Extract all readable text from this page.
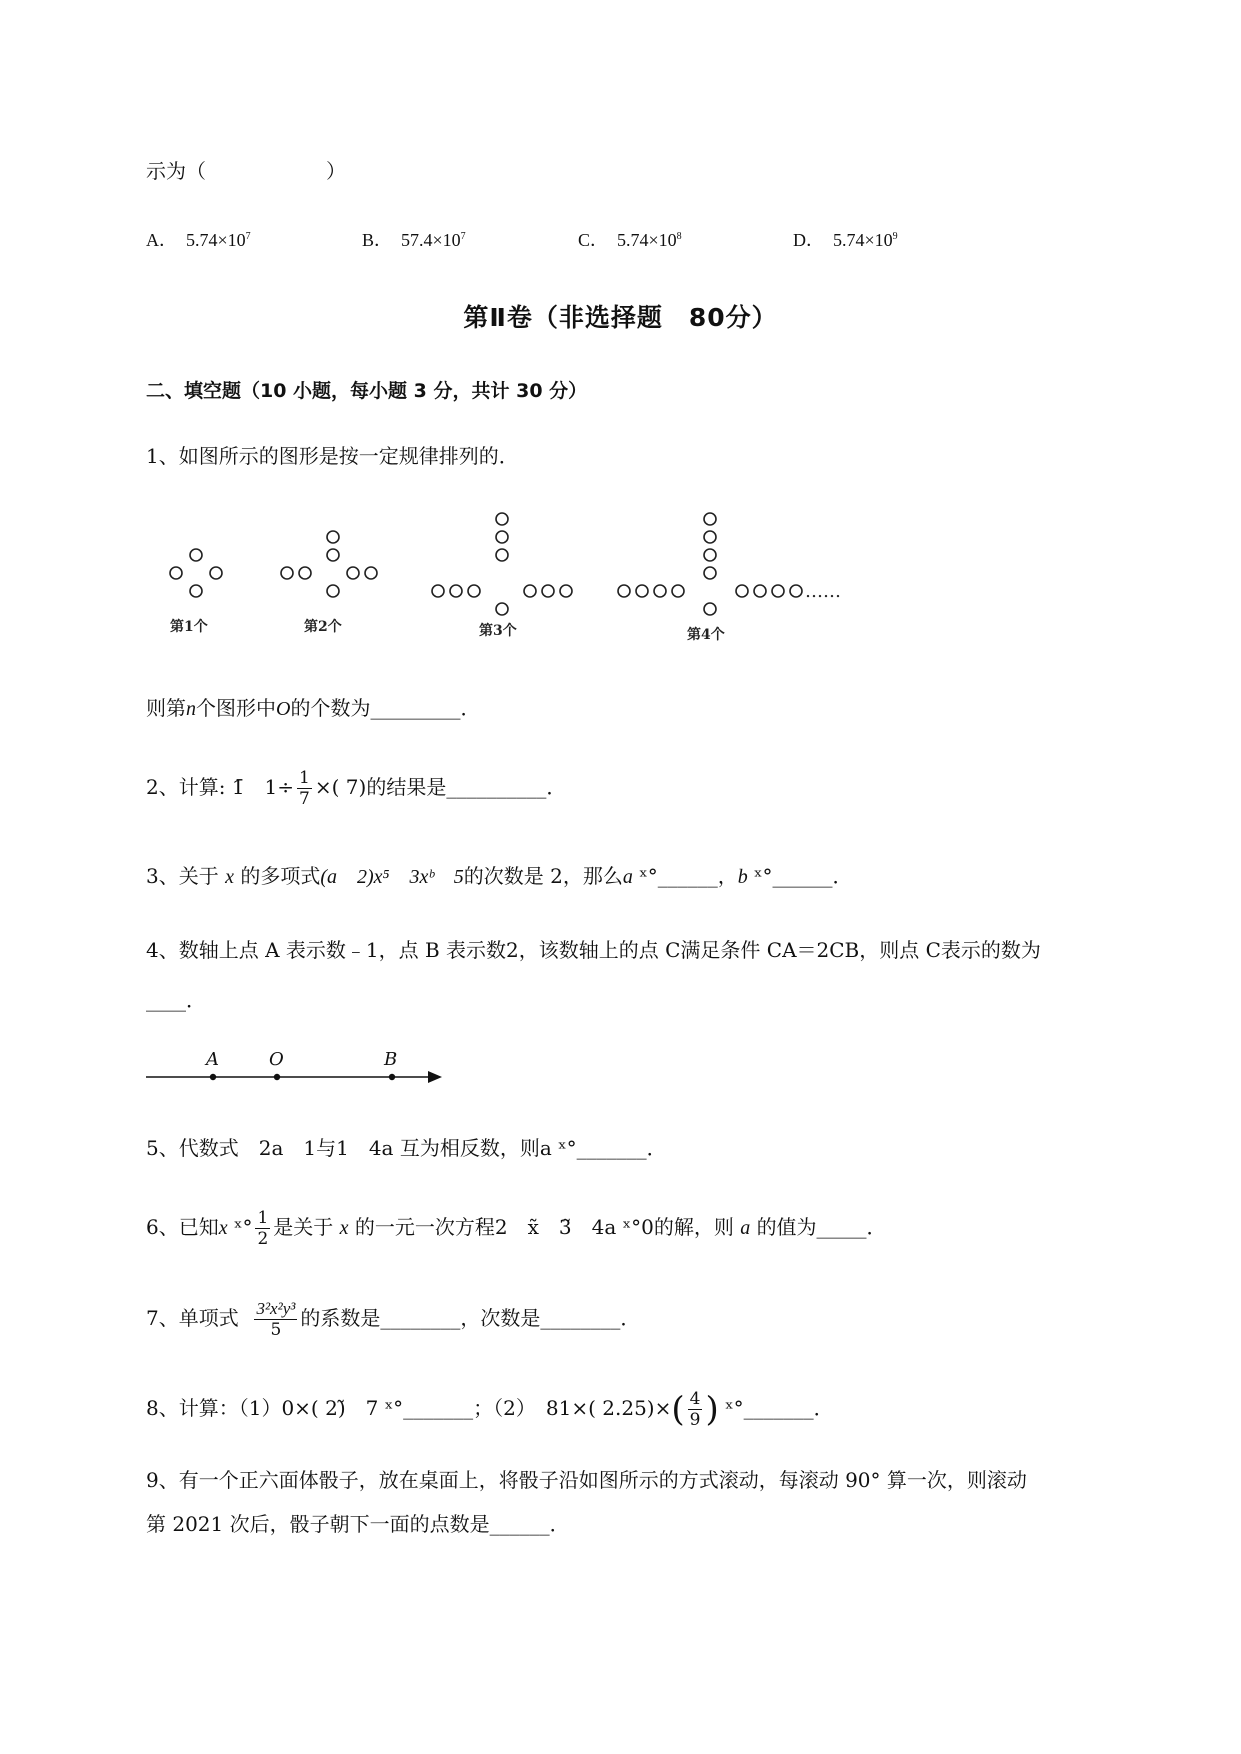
示为（　　　　　　）
A． $5.74\times 10^7$	B． $57.4\times 10^7$	C． $5.74\times 10^8$	D． $5.74\times 10^9$
第Ⅱ卷（非选择题　80分）
二、填空题（10 小题，每小题 3 分，共计 30 分）
1、如图所示的图形是按一定规律排列的．
……
第1个	第2个	第3个	第4个
则第n个图形中O的个数为_________．
2、计算: 1̄　$1\div \frac{1}{7}$ ×( 7)的结果是__________．
3、关于 x 的多项式(a　2)x⁵　3xᵇ　5的次数是 2，那么a ˣ°______，b ˣ°______．
4、数轴上点 A 表示数﹣1，点 B 表示数2，该数轴上的点 C满足条件 CA＝2CB，则点 C表示的数为
____．
A	O	B
5、代数式　2a　1与1　4a 互为相反数，则a ˣ°_______．
6、已知x ˣ° $\frac{1}{2}$ 是关于 x 的一元一次方程2　x̃　3̃　4a ˣ°0的解，则 a 的值为_____．
7、单项式 $\frac{\text{3²x²y³}}{5}$ 的系数是________，次数是________．
8、计算：（1）0×( 2)̃　7 ˣ°_______；（2）　81×( $2.25)\times( \frac{4}{9}$ ) ˣ°_______．
9、有一个正六面体骰子，放在桌面上，将骰子沿如图所示的方式滚动，每滚动 90° 算一次，则滚动
第 2021 次后，骰子朝下一面的点数是______．
